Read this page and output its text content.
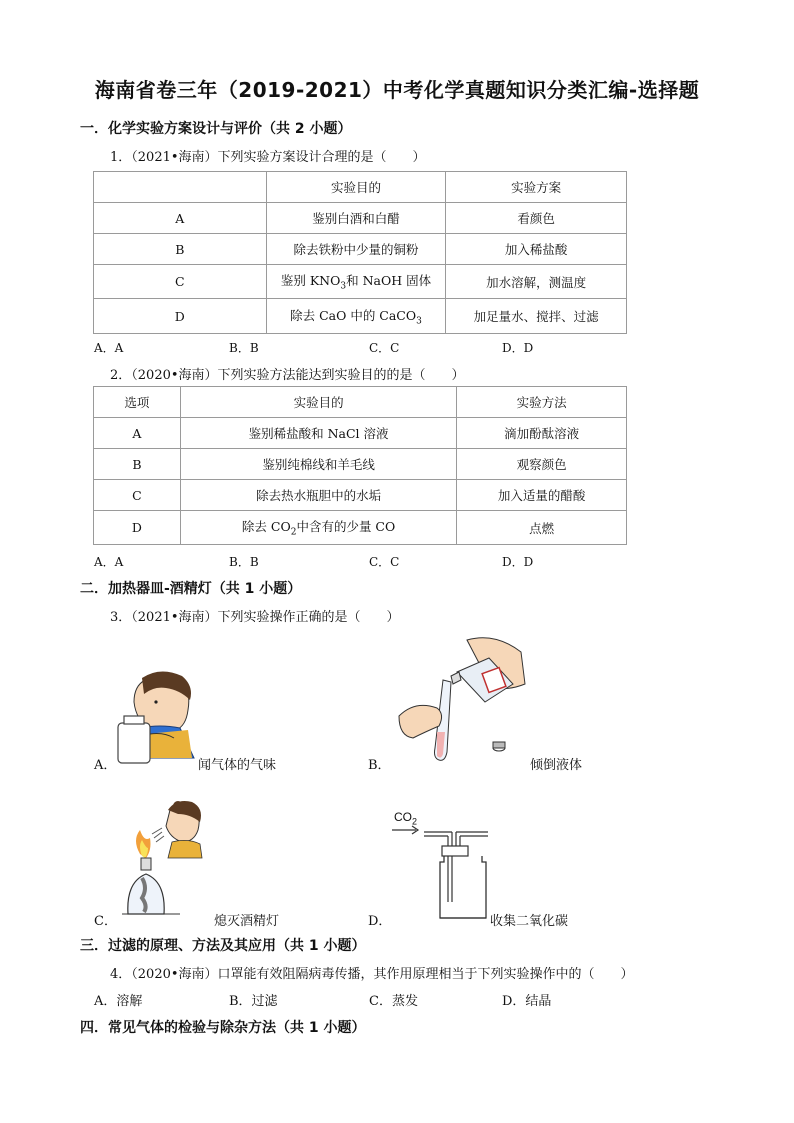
海南省卷三年（2019-2021）中考化学真题知识分类汇编-选择题
一．化学实验方案设计与评价（共 2 小题）
1．（2021•海南）下列实验方案设计合理的是（　　）
	实验目的	实验方案
A	鉴别白酒和白醋	看颜色
B	除去铁粉中少量的铜粉	加入稀盐酸
C	鉴别 $KNO_3$和 NaOH 固体	加水溶解，测温度
D	除去 CaO 中的 CaCO$_3$	加足量水、搅拌、过滤
A．A	B．B	C．C	D．D
2．（2020•海南）下列实验方法能达到实验目的的是（　　）
选项	实验目的	实验方法
A	鉴别稀盐酸和 NaCl 溶液	滴加酚酞溶液
B	鉴别纯棉线和羊毛线	观察颜色
C	除去热水瓶胆中的水垢	加入适量的醋酸
D	除去 $CO_2$中含有的少量 CO	点燃
A．A	B．B	C．C	D．D
二．加热器皿-酒精灯（共 1 小题）
3．（2021•海南）下列实验操作正确的是（　　）
A．	闻气体的气味	B．	倾倒液体
C．	熄灭酒精灯
$CO_2$
D．	收集二氧化碳
三．过滤的原理、方法及其应用（共 1 小题）
4．（2020•海南）口罩能有效阻隔病毒传播，其作用原理相当于下列实验操作中的（　　）
A．溶解	B．过滤	C．蒸发	D．结晶
四．常见气体的检验与除杂方法（共 1 小题）
